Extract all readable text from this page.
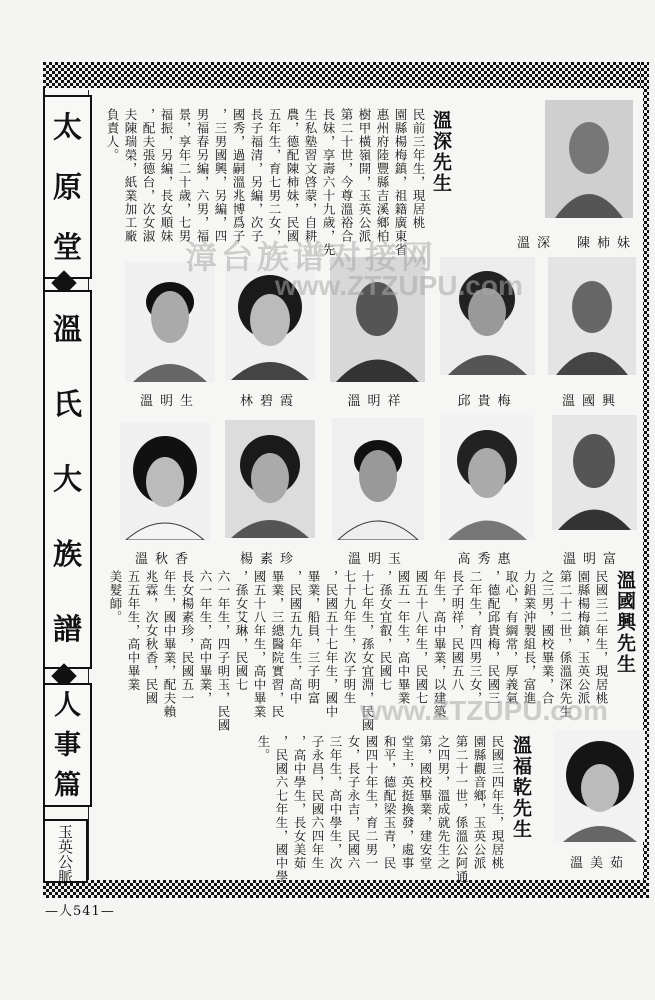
太
原
堂
溫
氏
大
族
譜
人
事
篇
玉
英
公
脈
—人541—
溫深先生
民前三年生，現居桃
園縣楊梅鎮，祖籍廣東省
惠州府陸豐縣吉溪鄉柏
樹甲橫嶺開，玉英公派
第二十世，今尊溫裕合
長妹，享壽六十九歲，先
生私塾習文啓蒙，自耕
農，德配陳柿妹，民國
五年生，育七男二女，
長子福清，另編，次子
國秀，過嗣溫兆博爲子
，三男國興，另編，四
男福春另編，六男，福
景，享年二十歲，七男
福振，另編，長女順妹
，配夫張德台，次女淑
夫陳瑞榮，紙業加工廠
負責人。
溫國興先生
民國三二年生，現居桃
園縣楊梅鎮，玉英公派
第二十二世，係溫深先生
之三男，國校畢業，合
力鋁業沖製組長，富進
取心，有綱常，厚義氣
，德配邱貴梅，民國三
二年生，育四男三女，
長子明祥，民國五八
年生，高中畢業，以建築
國五十八年生，民國七
國五一年生，高中畢業
，孫女宜叡，民國七
十七年生，孫女宜淵，民國
七十九年生，次子明生
，民國五十七年生，國中
畢業，船員，三子明富
，民國五九年生，高中
畢業，三總醫院實習，民
國五十八年生，高中畢業
，孫女艾琳，民國七
六一年生，四子明玉，民國
六一年生，高中畢業，
長女楊素珍，民國五一
年生，國中畢業，配夫賴
兆霖，次女秋香，民國
五五年生，高中畢業
美髮師。
溫福乾先生
民國三四年生，現居桃
園縣觀音鄉，玉英公派
第二十一世，係溫公阿通
之四男，溫成就先生之
第，國校畢業，建安堂
堂主，英挺換發，處事
和平，德配梁玉青，民
國四十年生，育二男一
女，長子永吉，民國六
三年生，高中學生，次
子永昌，民國六四年生
，高中學生，長女美茹
，民國六七年生，國中學
生。
溫深　陳柿妹
溫國興
邱貴梅
溫明祥
林碧霞
溫明生
溫明富
高秀惠
溫明玉
楊素珍
溫秋香
溫美茹
漳台族谱对接网
www.ZTZUPU.com
www.ZTZUPU.com
